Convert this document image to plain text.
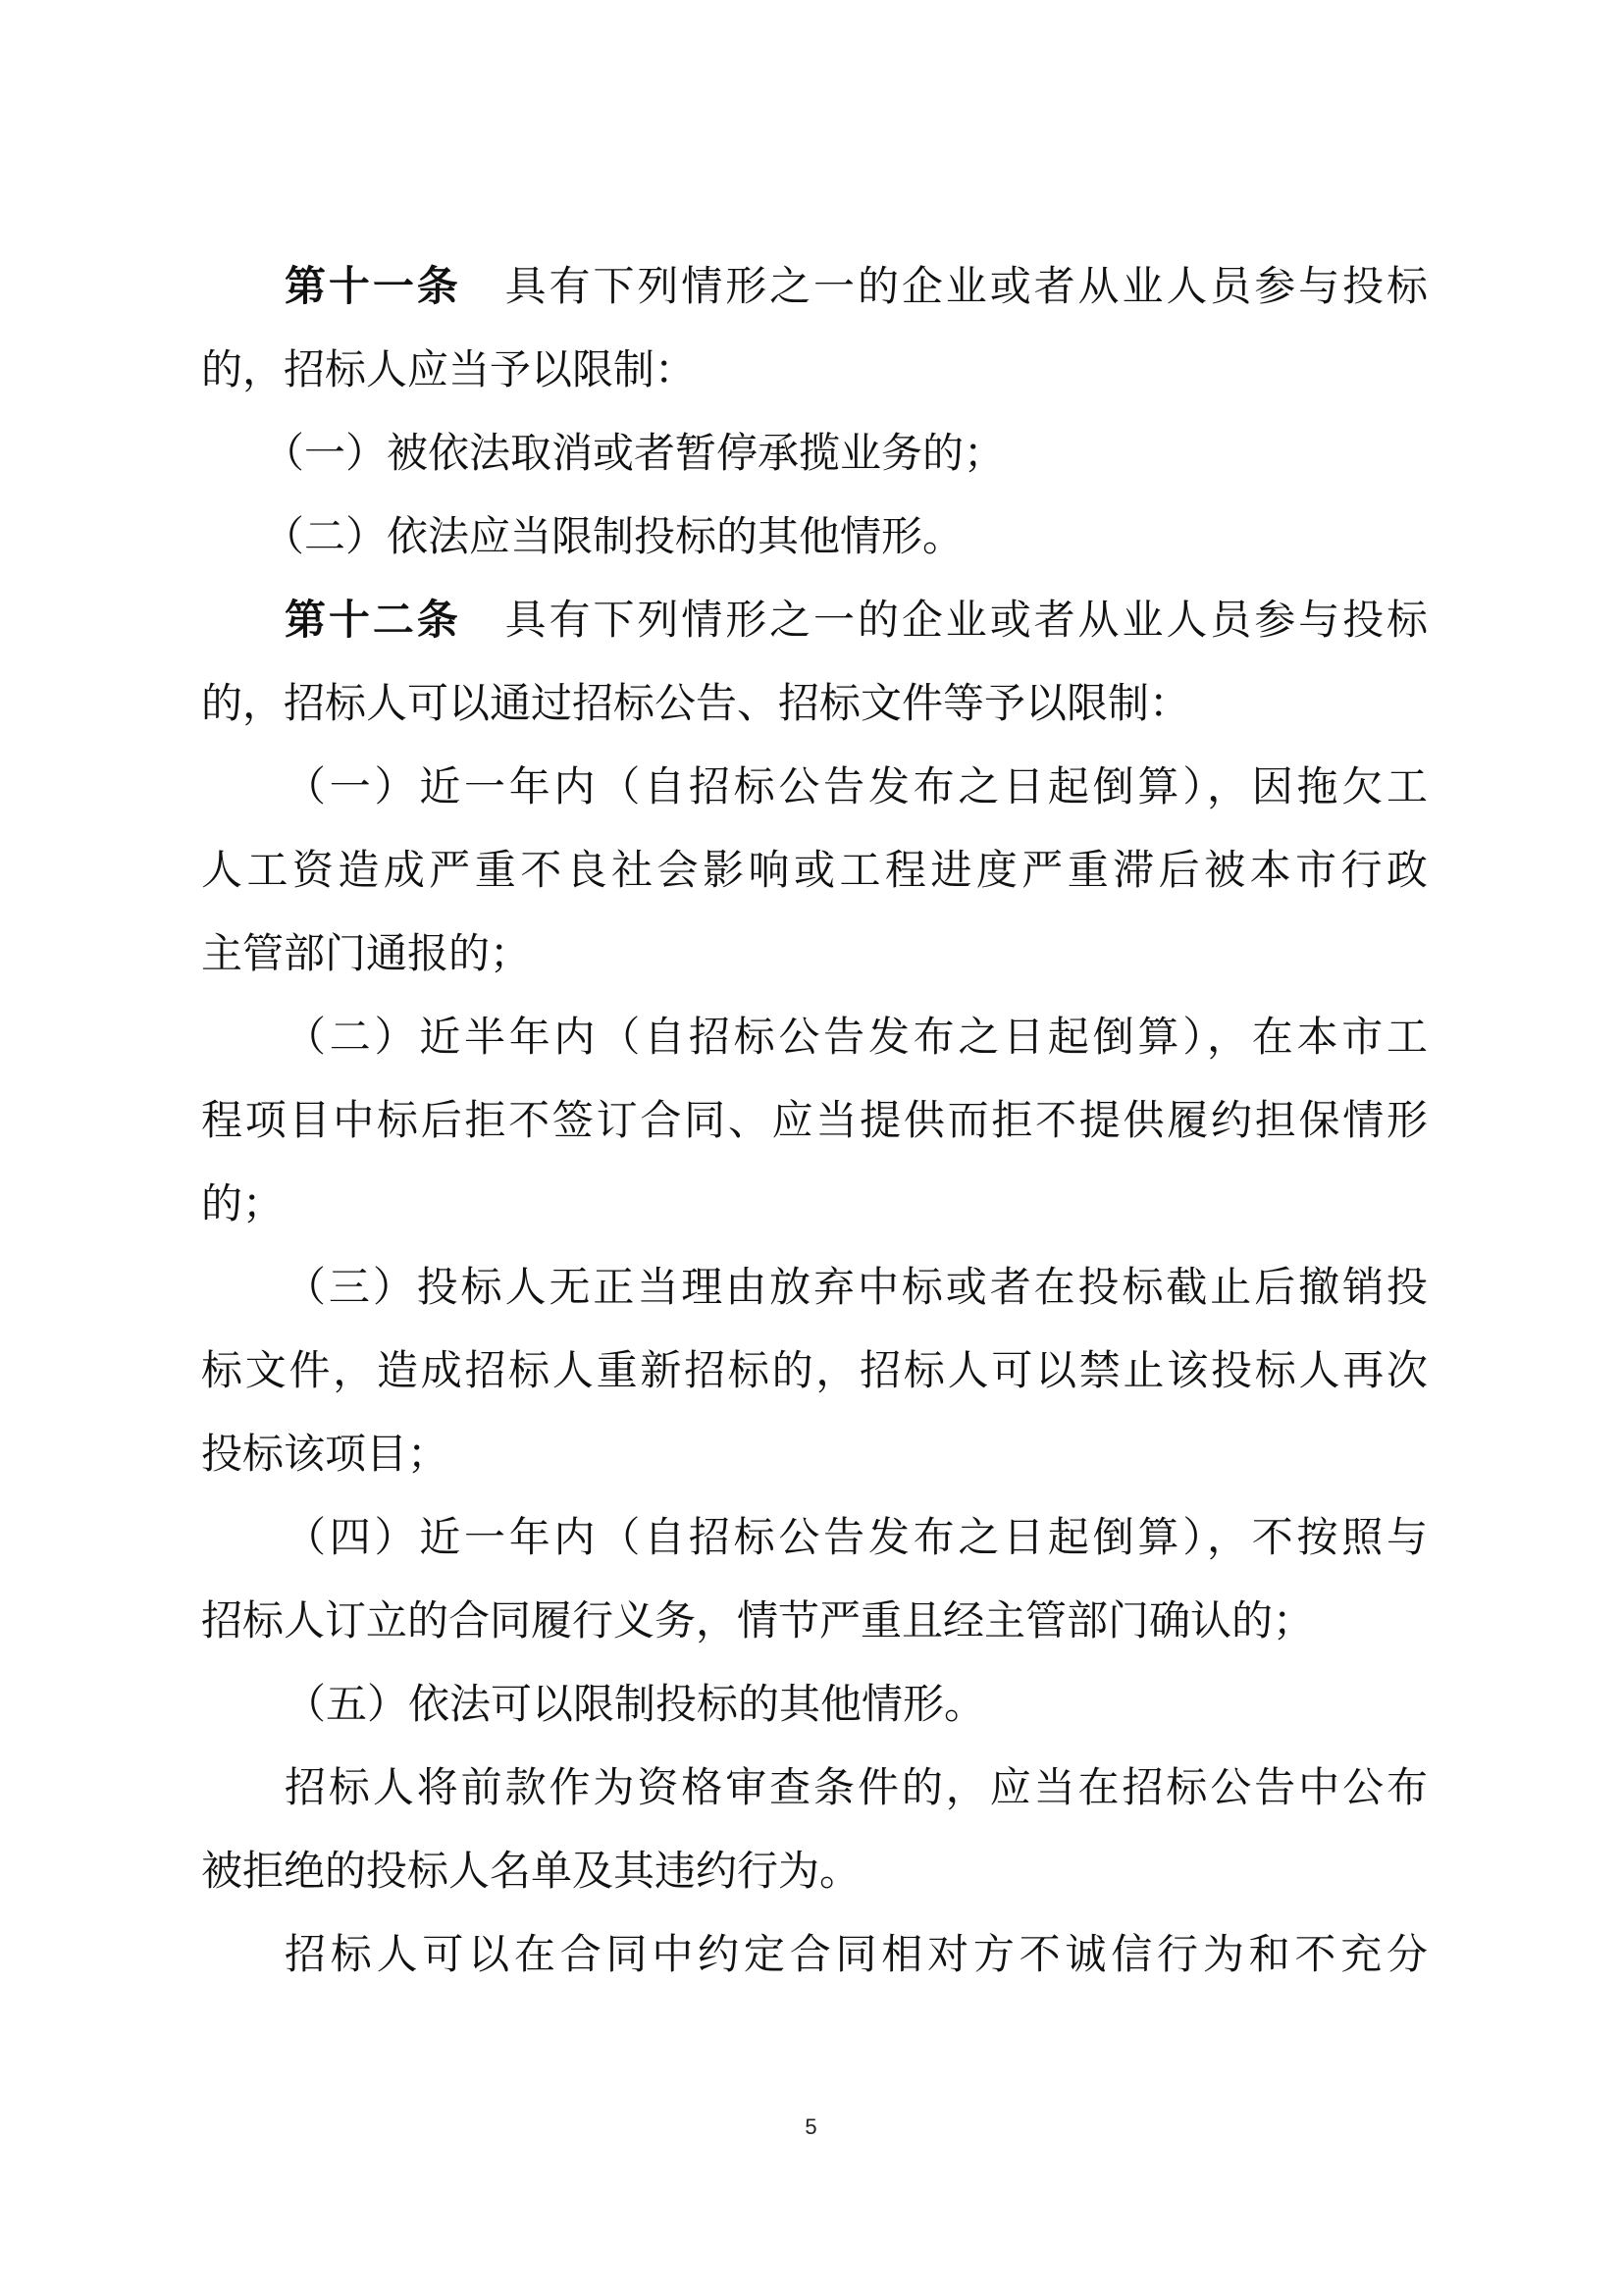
第十一条 具有下列情形之一的企业或者从业人员参与投标
的，招标人应当予以限制：
（一）被依法取消或者暂停承揽业务的；
（二）依法应当限制投标的其他情形。
第十二条 具有下列情形之一的企业或者从业人员参与投标
的，招标人可以通过招标公告、招标文件等予以限制：
（一）近一年内（自招标公告发布之日起倒算），因拖欠工
人工资造成严重不良社会影响或工程进度严重滞后被本市行政
主管部门通报的；
（二）近半年内（自招标公告发布之日起倒算），在本市工
程项目中标后拒不签订合同、应当提供而拒不提供履约担保情形
的；
（三）投标人无正当理由放弃中标或者在投标截止后撤销投
标文件，造成招标人重新招标的，招标人可以禁止该投标人再次
投标该项目；
（四）近一年内（自招标公告发布之日起倒算），不按照与
招标人订立的合同履行义务，情节严重且经主管部门确认的；
（五）依法可以限制投标的其他情形。
招标人将前款作为资格审查条件的，应当在招标公告中公布
被拒绝的投标人名单及其违约行为。
招标人可以在合同中约定合同相对方不诚信行为和不充分
5
